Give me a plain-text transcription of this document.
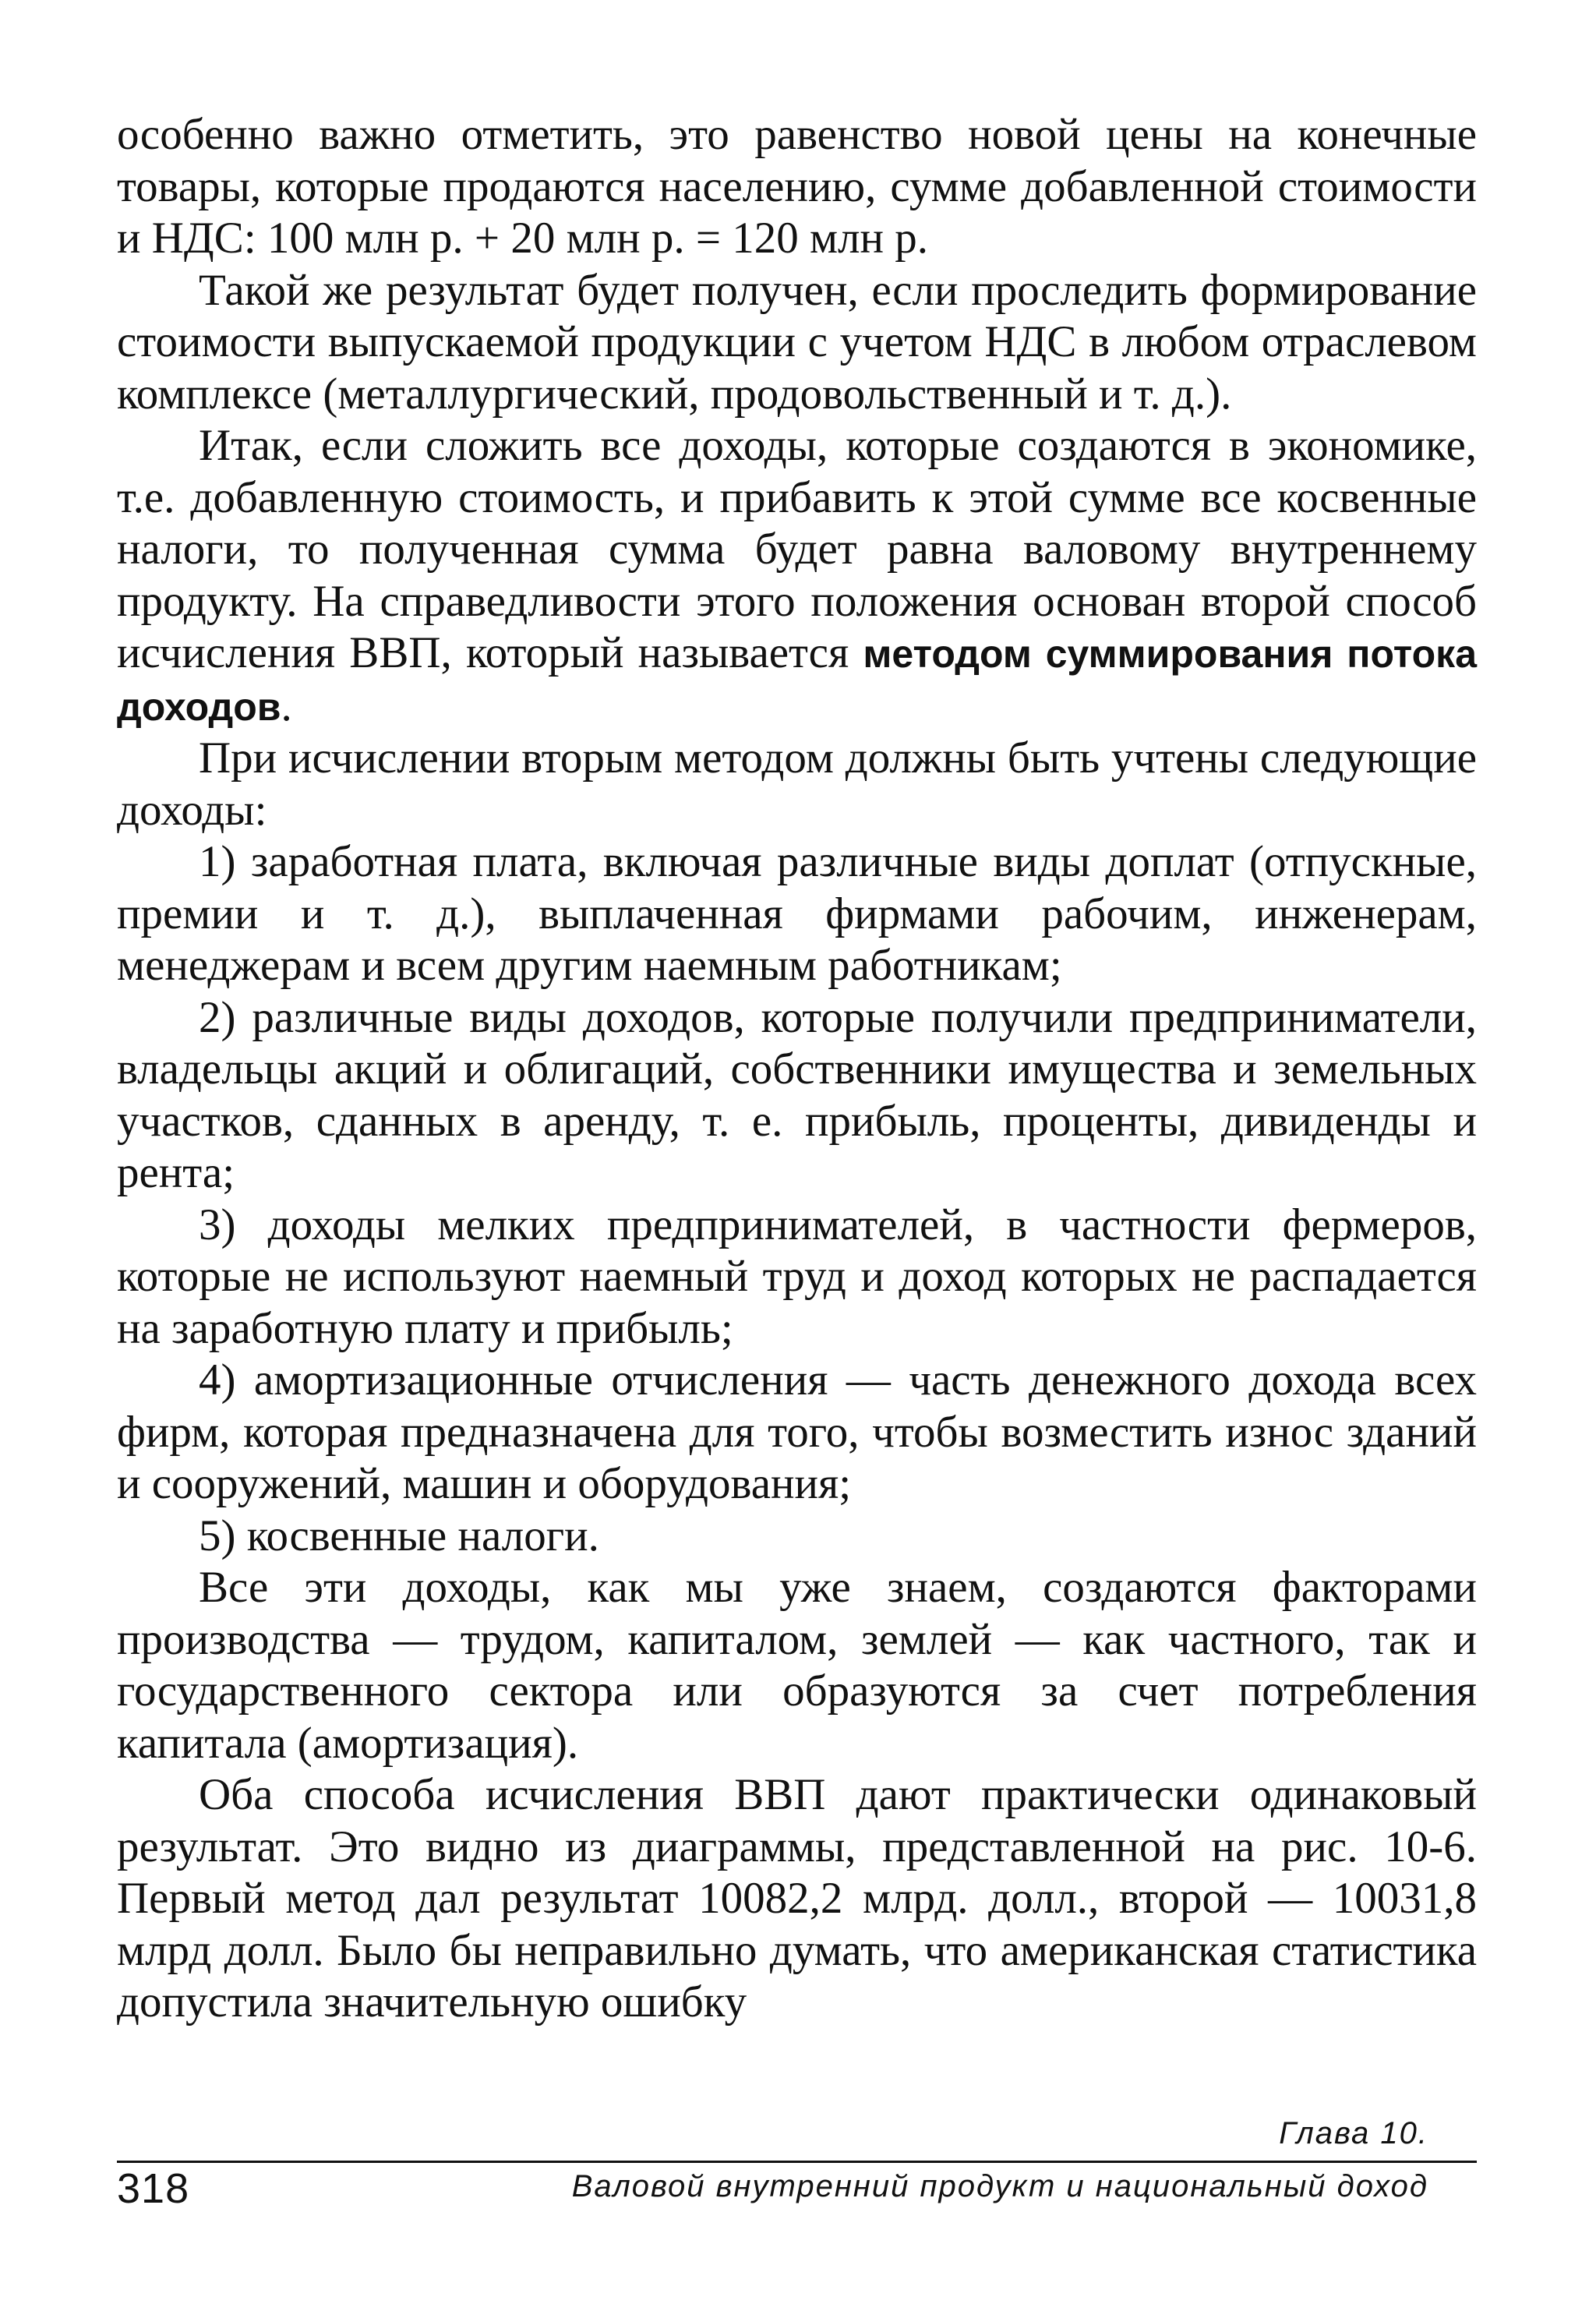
особенно важно отметить, это равенство новой цены на конечные товары, которые продаются населению, сумме добавленной стоимости и НДС: 100 млн р. + 20 млн р. = 120 млн р.

Такой же результат будет получен, если проследить формирование стоимости выпускаемой продукции с учетом НДС в любом отраслевом комплексе (металлургический, продовольственный и т. д.).

Итак, если сложить все доходы, которые создаются в экономике, т.е. добавленную стоимость, и прибавить к этой сумме все косвенные налоги, то полученная сумма будет равна валовому внутреннему продукту. На справедливости этого положения основан второй способ исчисления ВВП, который называется методом суммирования потока доходов.

При исчислении вторым методом должны быть учтены следующие доходы:

1) заработная плата, включая различные виды доплат (отпускные, премии и т. д.), выплаченная фирмами рабочим, инженерам, менеджерам и всем другим наемным работникам;

2) различные виды доходов, которые получили предприниматели, владельцы акций и облигаций, собственники имущества и земельных участков, сданных в аренду, т. е. прибыль, проценты, дивиденды и рента;

3) доходы мелких предпринимателей, в частности фермеров, которые не используют наемный труд и доход которых не распадается на заработную плату и прибыль;

4) амортизационные отчисления — часть денежного дохода всех фирм, которая предназначена для того, чтобы возместить износ зданий и сооружений, машин и оборудования;

5) косвенные налоги.

Все эти доходы, как мы уже знаем, создаются факторами производства — трудом, капиталом, землей — как частного, так и государственного сектора или образуются за счет потребления капитала (амортизация).

Оба способа исчисления ВВП дают практически одинаковый результат. Это видно из диаграммы, представленной на рис. 10-6. Первый метод дал результат 10082,2 млрд. долл., второй — 10031,8 млрд долл. Было бы неправильно думать, что американская статистика допустила значительную ошибку

Глава 10.
318	Валовой внутренний продукт и национальный доход
